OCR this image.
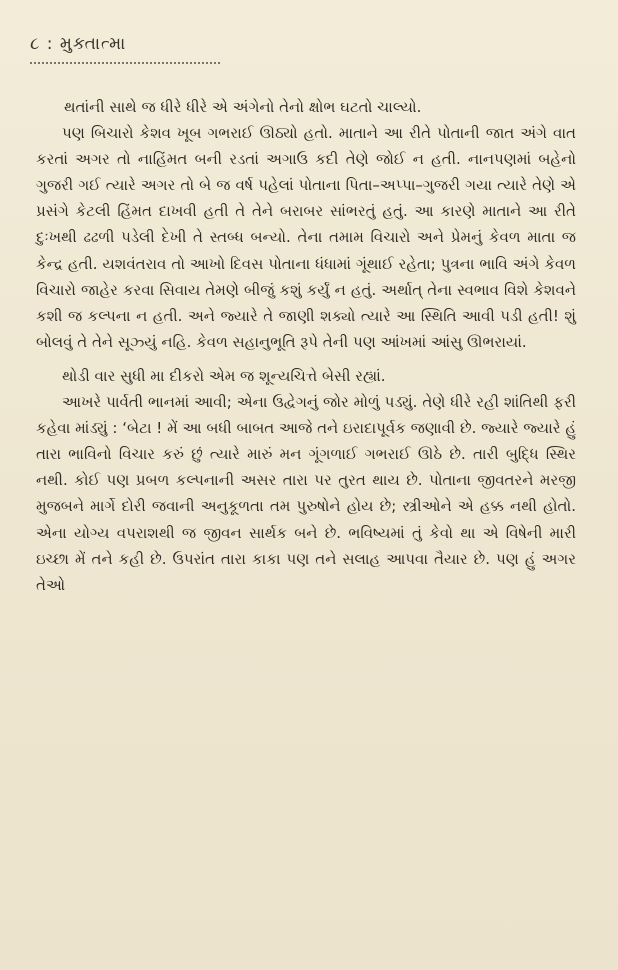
૮ : મુક્તાત્મા

થતાંની સાથે જ ધીરે ધીરે એ અંગેનો તેનો ક્ષોભ ઘટતો ચાલ્યો.

પણ બિચારો કેશવ ખૂબ ગભરાઈ ઊઠ્યો હતો. માતાને આ રીતે પોતાની જાત અંગે વાત કરતાં અગર તો નાહિંમત બની રડતાં અગાઉ કદી તેણે જોઈ ન હતી. નાનપણમાં બહેનો ગુજરી ગઈ ત્યારે અગર તો બે જ વર્ષ પહેલાં પોતાના પિતા–અપ્પા–ગુજરી ગયા ત્યારે તેણે એ પ્રસંગે કેટલી હિંમત દાખવી હતી તે તેને બરાબર સાંભરતું હતું. આ કારણે માતાને આ રીતે દુઃખથી ઢઢળી પડેલી દેખી તે સ્તબ્ધ બન્યો. તેના તમામ વિચારો અને પ્રેમનું કેવળ માતા જ કેન્દ્ર હતી. યશવંતરાવ તો આખો દિવસ પોતાના ધંધામાં ગૂંથાઈ રહેતા; પુત્રના ભાવિ અંગે કેવળ વિચારો જાહેર કરવા સિવાય તેમણે બીજું કશું કર્યું ન હતું. અર્થાત્ તેના સ્વભાવ વિશે કેશવને કશી જ કલ્પના ન હતી. અને જ્યારે તે જાણી શક્યો ત્યારે આ સ્થિતિ આવી પડી હતી! શું બોલવું તે તેને સૂઝ્યું નહિ. કેવળ સહાનુભૂતિ રૂપે તેની પણ આંખમાં આંસુ ઊભરાયાં.

થોડી વાર સુધી મા દીકરો એમ જ શૂન્યચિત્તે બેસી રહ્યાં.

આખરે પાર્વતી ભાનમાં આવી; એના ઉદ્વેગનું જોર મોળું પડ્યું. તેણે ધીરે રહી શાંતિથી ફરી કહેવા માંડ્યું : ‘બેટા ! મેં આ બધી બાબત આજે તને ઇરાદાપૂર્વક જણાવી છે. જ્યારે જ્યારે હું તારા ભાવિનો વિચાર કરું છું ત્યારે મારું મન ગૂંગળાઈ ગભરાઈ ઊઠે છે. તારી બુદ્ધિ સ્થિર નથી. કોઈ પણ પ્રબળ કલ્પનાની અસર તારા પર તુરત થાય છે. પોતાના જીવતરને મરજી મુજબને માર્ગે દોરી જવાની અનુકૂળતા તમ પુરુષોને હોય છે; સ્ત્રીઓને એ હક્ક નથી હોતો. એના યોગ્ય વપરાશથી જ જીવન સાર્થક બને છે. ભવિષ્યમાં તું કેવો થા એ વિષેની મારી ઇચ્છા મેં તને કહી છે. ઉપરાંત તારા કાકા પણ તને સલાહ આપવા તૈયાર છે. પણ હું અગર તેઓ
